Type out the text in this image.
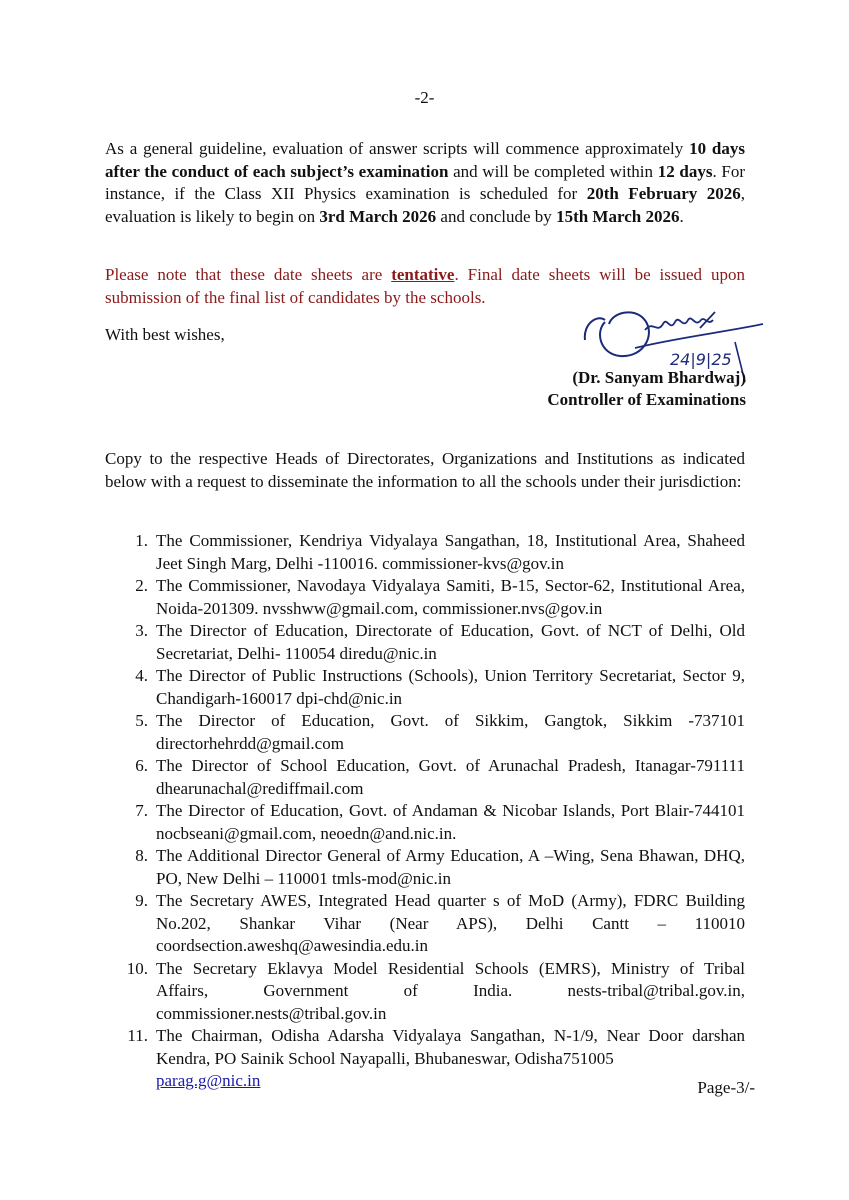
-2-
As a general guideline, evaluation of answer scripts will commence approximately 10 days after the conduct of each subject’s examination and will be completed within 12 days. For instance, if the Class XII Physics examination is scheduled for 20th February 2026, evaluation is likely to begin on 3rd March 2026 and conclude by 15th March 2026.
Please note that these date sheets are tentative. Final date sheets will be issued upon submission of the final list of candidates by the schools.
With best wishes,
24|9|25
(Dr. Sanyam Bhardwaj)
Controller of Examinations
Copy to the respective Heads of Directorates, Organizations and Institutions as indicated below with a request to disseminate the information to all the schools under their jurisdiction:
1. The Commissioner, Kendriya Vidyalaya Sangathan, 18, Institutional Area, Shaheed Jeet Singh Marg, Delhi -110016. commissioner-kvs@gov.in
2. The Commissioner, Navodaya Vidyalaya Samiti, B-15, Sector-62, Institutional Area, Noida-201309. nvsshww@gmail.com, commissioner.nvs@gov.in
3. The Director of Education, Directorate of Education, Govt. of NCT of Delhi, Old Secretariat, Delhi- 110054 diredu@nic.in
4. The Director of Public Instructions (Schools), Union Territory Secretariat, Sector 9, Chandigarh-160017 dpi-chd@nic.in
5. The Director of Education, Govt. of Sikkim, Gangtok, Sikkim -737101 directorhehrdd@gmail.com
6. The Director of School Education, Govt. of Arunachal Pradesh, Itanagar-791111 dhearunachal@rediffmail.com
7. The Director of Education, Govt. of Andaman & Nicobar Islands, Port Blair-744101 nocbseani@gmail.com, neoedn@and.nic.in.
8. The Additional Director General of Army Education, A –Wing, Sena Bhawan, DHQ, PO, New Delhi – 110001 tmls-mod@nic.in
9. The Secretary AWES, Integrated Head quarter s of MoD (Army), FDRC Building No.202, Shankar Vihar (Near APS), Delhi Cantt – 110010 coordsection.aweshq@awesindia.edu.in
10. The Secretary Eklavya Model Residential Schools (EMRS), Ministry of Tribal Affairs, Government of India. nests-tribal@tribal.gov.in, commissioner.nests@tribal.gov.in
11. The Chairman, Odisha Adarsha Vidyalaya Sangathan, N-1/9, Near Door darshan Kendra, PO Sainik School Nayapalli, Bhubaneswar, Odisha751005
parag.g@nic.in	Page-3/-
